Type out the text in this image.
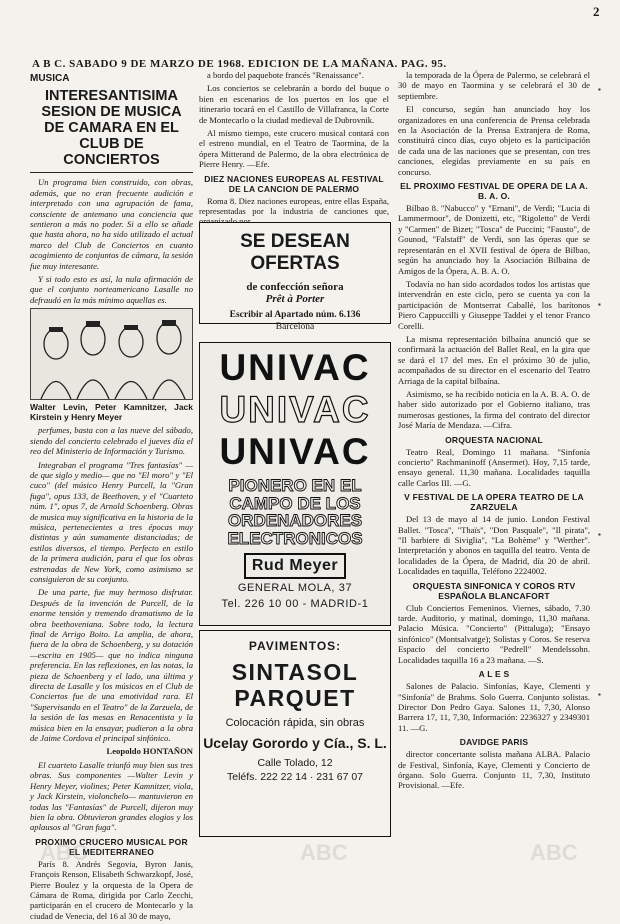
2
A B C. SABADO 9 DE MARZO DE 1968. EDICION DE LA MAÑANA. PAG. 95.
MUSICA
INTERESANTISIMA SESION DE MUSICA DE CAMARA EN EL CLUB DE CONCIERTOS

Un programa bien construido, con obras, además, que no eran frecuente audición e interpretado con una agrupación de fama, consciente de antemano una conciencia que sentieron a más no poder. Si a ello se añade que hasta ahora, no ha sido utilizado el actual marco del Club de Conciertos en cuanto acogimiento de conjuntos de cámara, la sesión fue muy interesante.

Y si todo esto es así, la nula afirmación de que el conjunto norteamericano Lasalle no defraudó en la más mínimo aquellas es.

Walter Levin, Peter Kamnitzer, Jack Kirstein y Henry Meyer

perfumes, basta con a las nueve del sábado, siendo del concierto celebrado el jueves día el reo del Ministerio de Información y Turismo.

Integraban el programa "Tres fantasías" —de que siglo y medio— que no "El moro" y "El cuco" (del músico Henry Purcell, la "Gran fuga", opus 133, de Beethoven, y el "Cuarteto núm. 1", opus 7, de Arnold Schoenberg. Obras de musica muy significativa en la historia de la música, pertenecientes a tres épocas muy distintas y aún sumamente distanciadas; de estilos diversos, el tiempo. Perfecto en estilo de la primera audición, para el que los obras estrenadas de New York, como asimismo se consiguieron de su conjunto.

De una parte, fue muy hermoso disfrutar. Después de la invención de Purcell, de la enorme tensión y tremendo dramatismo de la obra beethoveniana. Sobre todo, la lectura final de Arrigo Boito. La amplia, de ahora, fuera de la obra de Schoenberg, y su dotación —escrita en 1905— que no indica ninguna preferencia. En las reflexiones, en las notas, la pieza de Schoenberg y el lado, una última y directa de Lasalle y los músicos en el Club de Conciertos fue de una emotividad rara. El "Supervisando en el Teatro" de la Zarzuela, de la sesión de las mesas en Renacentista y la música bien en la ensayar, pudieron a la obra de Jaime Cordova el principal sinfónico.

Leopoldo HONTAÑON

El cuarteto Lasalle triunfó muy bien sus tres obras. Sus componentes —Walter Levin y Henry Meyer, violines; Peter Kamnitzer, viola, y Jack Kirstein, violonchelo— mantuvieron en todas las "Fantasías" de Purcell, dijeron muy bien la obra. Obtuvieron grandes elogios y los aplausos al "Gran fuga".

PROXIMO CRUCERO MUSICAL POR EL MEDITERRANEO

París 8. Andrés Segovia, Byron Janis, François Renson, Elisabeth Schwarzkopf, José, Pierre Boulez y la orquesta de la Opera de Cámara de Roma, dirigida por Carlo Zecchi, participarán en el crucero de Montecarlo y la ciudad de Venecia, del 16 al 30 de mayo,

a bordo del paquebote francés "Renaissance".

Los conciertos se celebrarán a bordo del buque o bien en escenarios de los puertos en los que el itinerario tocará en el Castillo de Villafranca, la Corte de Montecarlo o la ciudad medieval de Dubrovnik.

Al mismo tiempo, este crucero musical contará con el estreno mundial, en el Teatro de Taormina, de la ópera Mitterand de Palermo, de la obra electrónica de Pierre Henry. —Efe.

DIEZ NACIONES EUROPEAS AL FESTIVAL DE LA CANCION DE PALERMO

Roma 8. Diez naciones europeas, entre ellas España, representadas por la industria de canciones que,

SE DESEAN OFERTAS
de confección señora
Prêt à Porter
Escribir al Apartado núm. 6.136
Barcelona
UNIVAC
UNIVAC
UNIVAC
PIONERO EN EL CAMPO DE LOS ORDENADORES ELECTRONICOS
Rud Meyer
GENERAL MOLA, 37
Tel. 226 10 00 - MADRID-1
PAVIMENTOS:
SINTASOL PARQUET
Colocación rápida, sin obras
Ucelay Gorordo y Cía., S. L.
Calle Tolado, 12
Teléfs. 222 22 14 · 231 67 07

la temporada de la Ópera de Palermo, se celebrará el 30 de mayo en Taormina y se celebrará el 30 de septiembre.

El concurso, según han anunciado hoy los organizadores en una conferencia de Prensa celebrada en la Asociación de la Prensa Extranjera de Roma, constituirá cinco días, cuyo objeto es la participación de cada una de las naciones que se presentan, con tres canciones, elegidas previamente en su país en concurso.

EL PROXIMO FESTIVAL DE OPERA DE LA A. B. A. O.

Bilbao 8. "Nabucco" y "Ernani", de Verdi; "Lucia di Lammermoor", de Donizetti, etc, "Rigoletto" de Verdi y "Carmen" de Bizet; "Tosca" de Puccini; "Fausto", de Gounod, "Falstaff" de Verdi, son las óperas que se representarán en el XVII festival de ópera de Bilbao, según ha anunciado hoy la Asociación Bilbaina de Amigos de la Ópera, A. B. A. O.

Todavía no han sido acordados todos los artistas que intervendrán en este ciclo, pero se cuenta ya con la participación de Montserrat Caballé, los barítonos Piero Cappuccilli y Giuseppe Taddei y el tenor Franco Corelli.

La misma representación bilbaína anunció que se confirmará la actuación del Ballet Real, en la gira que se dará el 17 del mes. En el próximo 30 de julio, acompañados de su director en el escenario del Teatro Arriaga de la capital bilbaína.

Asimismo, se ha recibido noticia en la A. B. A. O. de haber sido autorizado por el Gobierno italiano, tras numerosas gestiones, la firma del contrato del director José María de Mendaza. —Cifra.

ORQUESTA NACIONAL

Teatro Real, Domingo 11 mañana. "Sinfonía concierto" Rachmaninoff (Ansermet). Hoy, 7,15 tarde, ensayo general. 11,30 mañana. Localidades taquilla calle Carlos III. —G.

V FESTIVAL DE LA OPERA TEATRO DE LA ZARZUELA

Del 13 de mayo al 14 de junio. London Festival Ballet. "Tosca", "Thaïs", "Don Pasquale", "Il pirata", "Il barbiere di Siviglia", "La Bohème" y "Werther". Interpretación y abonos en taquilla del teatro. Venta de localidades de la Ópera, de Madrid, día 20 de abril. Localidades en taquilla, Teléfono 2224002.

ORQUESTA SINFONICA Y COROS RTV ESPAÑOLA BLANCAFORT

Club Conciertos Femeninos. Viernes, sábado, 7.30 tarde. Auditorio, y matinal, domingo, 11,30 mañana. Palacio Música. "Concierto" (Pittaluga); "Ensayo sinfónico" (Montsalvatge); Solistas y Coros. Se reserva Espacio del concierto "Pedrell" Mendelssohn. Localidades taquilla 16 a 23 mañana. —S.

A L E S

Salones de Palacio. Sinfonías, Kaye, Clementi y "Sinfonía" de Brahms. Solo Guerra. Conjunto solistas. Director Don Pedro Gaya. Salones 11, 7,30, Alonso Barrera 17, 11, 7,30, Información: 2236327 y 2349301 11. —G.

DAVIDGE PARIS

director concertante solista mañana ALBA. Palacio de Festival, Sinfonía, Kaye, Clementi y Concierto de órgano. Solo Guerra. Conjunto 11, 7,30, Instituto Provisional. —Efe.

ABC	ABC	ABC
▪
▪
▪
▪
